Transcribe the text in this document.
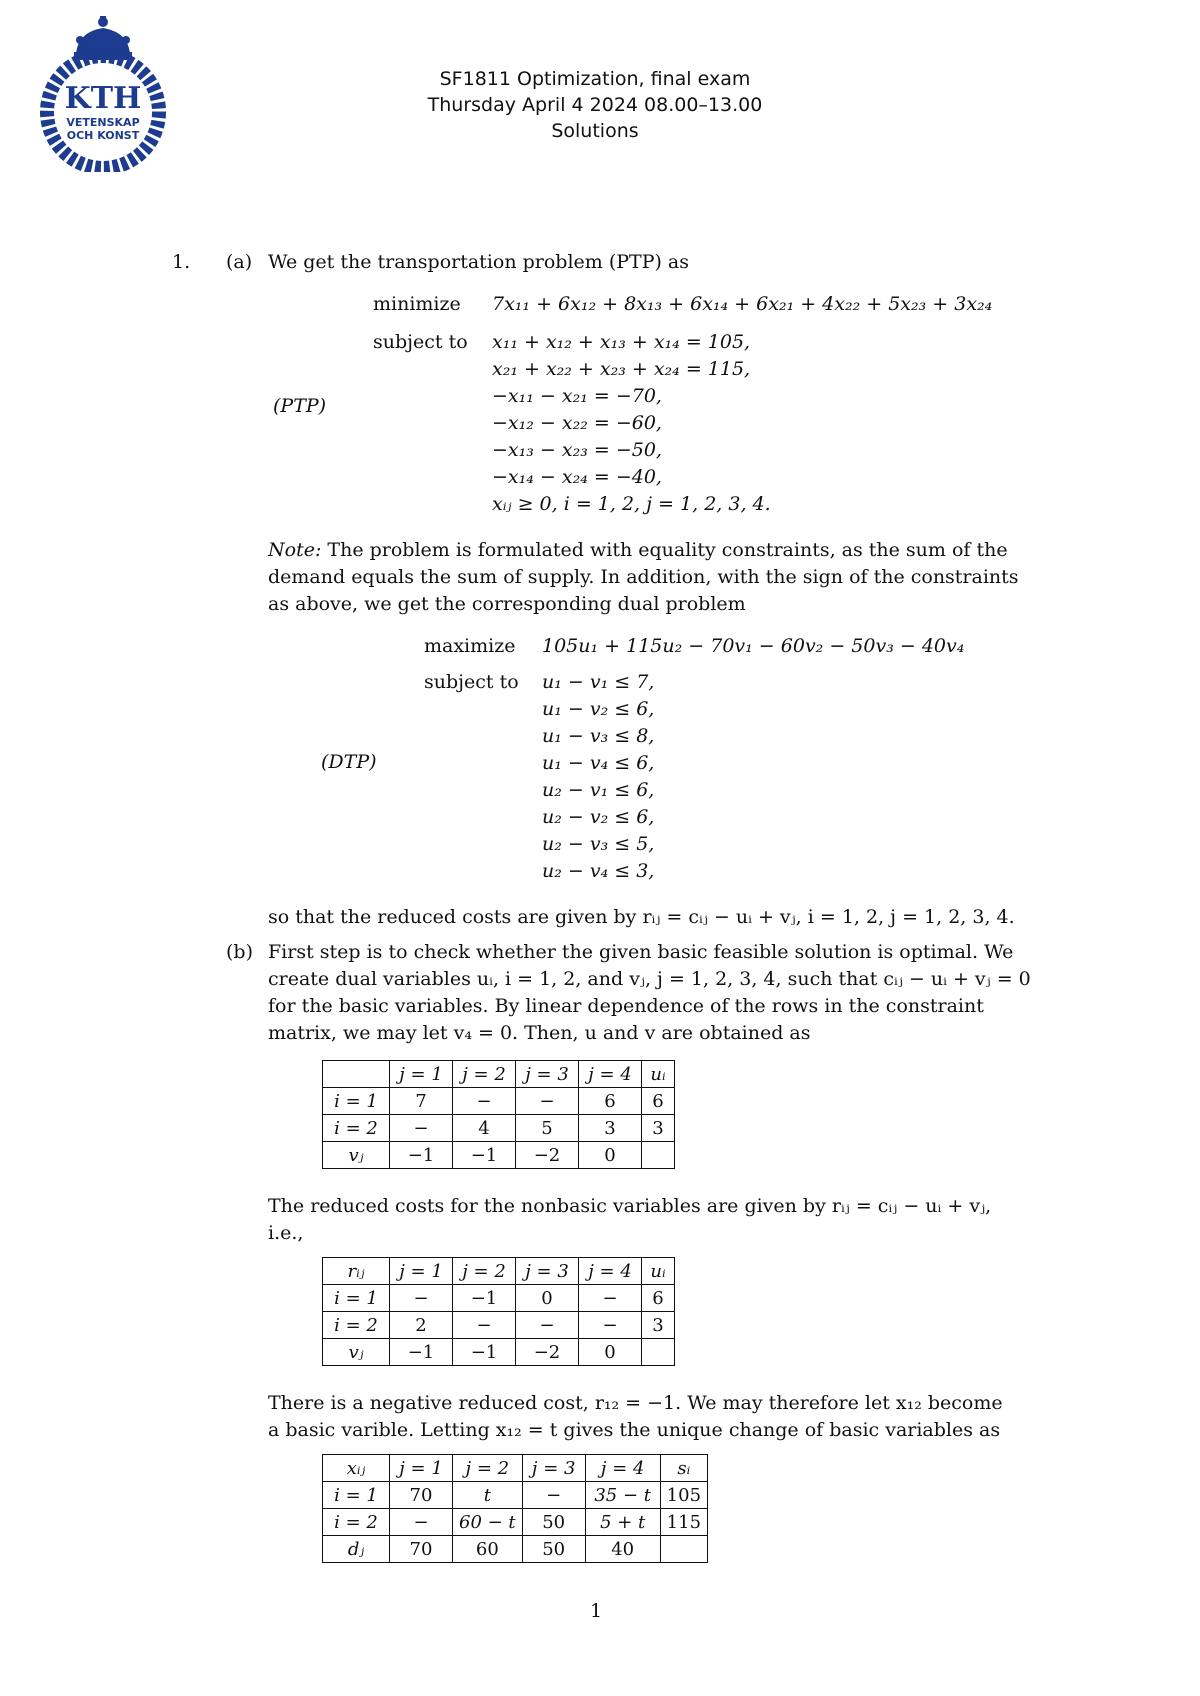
KTH
VETENSKAP
OCH KONST
SF1811 Optimization, final exam
Thursday April 4 2024 08.00–13.00
Solutions
1. (a) We get the transportation problem (PTP) as
minimize 7x₁₁ + 6x₁₂ + 8x₁₃ + 6x₁₄ + 6x₂₁ + 4x₂₂ + 5x₂₃ + 3x₂₄
subject to
(PTP)
x₁₁ + x₁₂ + x₁₃ + x₁₄ = 105,
x₂₁ + x₂₂ + x₂₃ + x₂₄ = 115,
−x₁₁ − x₂₁ = −70,
−x₁₂ − x₂₂ = −60,
−x₁₃ − x₂₃ = −50,
−x₁₄ − x₂₄ = −40,
xᵢⱼ ≥ 0, i = 1, 2, j = 1, 2, 3, 4.
Note: The problem is formulated with equality constraints, as the sum of the
demand equals the sum of supply. In addition, with the sign of the constraints
as above, we get the corresponding dual problem
maximize 105u₁ + 115u₂ − 70v₁ − 60v₂ − 50v₃ − 40v₄
subject to
(DTP)
u₁ − v₁ ≤ 7,
u₁ − v₂ ≤ 6,
u₁ − v₃ ≤ 8,
u₁ − v₄ ≤ 6,
u₂ − v₁ ≤ 6,
u₂ − v₂ ≤ 6,
u₂ − v₃ ≤ 5,
u₂ − v₄ ≤ 3,
so that the reduced costs are given by rᵢⱼ = cᵢⱼ − uᵢ + vⱼ, i = 1, 2, j = 1, 2, 3, 4.
(b) First step is to check whether the given basic feasible solution is optimal. We
create dual variables uᵢ, i = 1, 2, and vⱼ, j = 1, 2, 3, 4, such that cᵢⱼ − uᵢ + vⱼ = 0
for the basic variables. By linear dependence of the rows in the constraint
matrix, we may let v₄ = 0. Then, u and v are obtained as
	j = 1	j = 2	j = 3	j = 4	uᵢ
i = 1	7	−	−	6	6
i = 2	−	4	5	3	3
vⱼ	−1	−1	−2	0	
The reduced costs for the nonbasic variables are given by rᵢⱼ = cᵢⱼ − uᵢ + vⱼ,
i.e.,
rᵢⱼ	j = 1	j = 2	j = 3	j = 4	uᵢ
i = 1	−	−1	0	−	6
i = 2	2	−	−	−	3
vⱼ	−1	−1	−2	0	
There is a negative reduced cost, r₁₂ = −1. We may therefore let x₁₂ become
a basic varible. Letting x₁₂ = t gives the unique change of basic variables as
xᵢⱼ	j = 1	j = 2	j = 3	j = 4	sᵢ
i = 1	70	t	−	35 − t	105
i = 2	−	60 − t	50	5 + t	115
dⱼ	70	60	50	40	
1
